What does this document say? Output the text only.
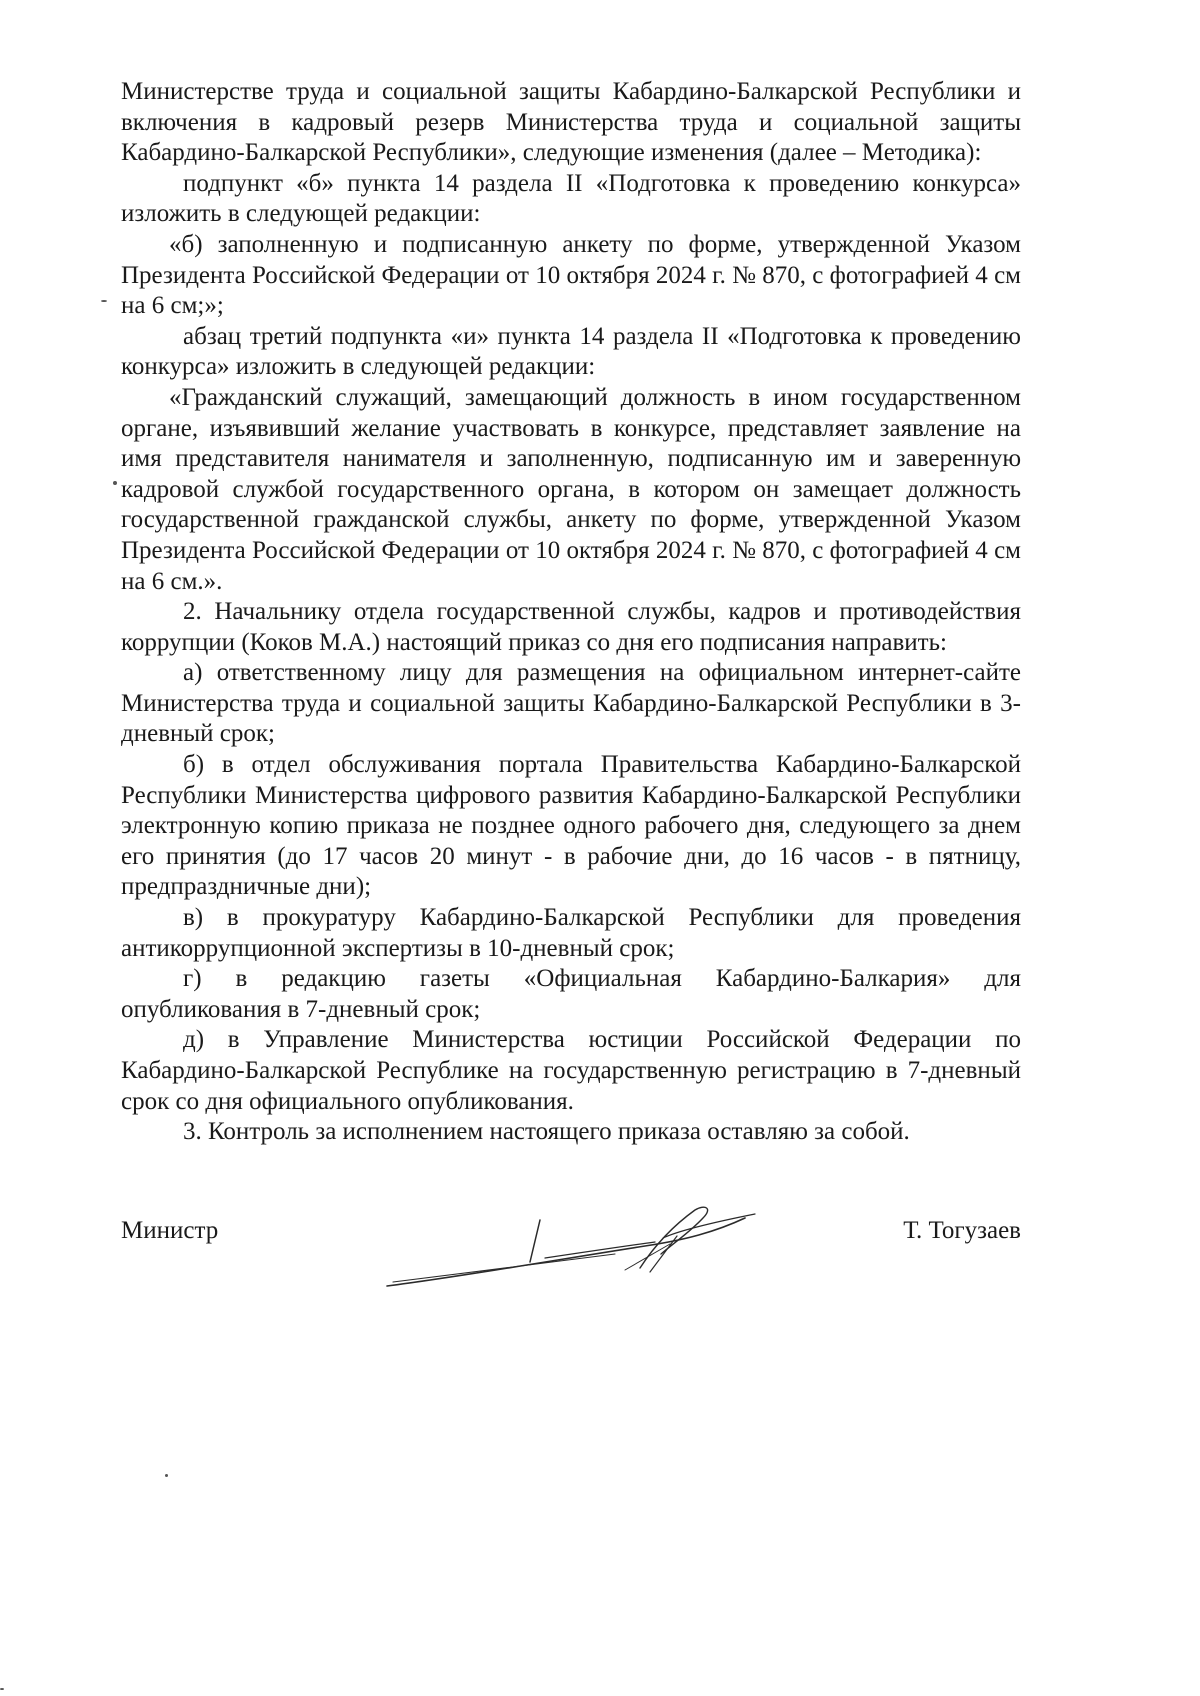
Министерстве труда и социальной защиты Кабардино-Балкарской Республики и включения в кадровый резерв Министерства труда и социальной защиты Кабардино-Балкарской Республики», следующие изменения (далее – Методика):

подпункт «б» пункта 14 раздела II «Подготовка к проведению конкурса» изложить в следующей редакции:

«б) заполненную и подписанную анкету по форме, утвержденной Указом Президента Российской Федерации от 10 октября 2024 г. № 870, с фотографией 4 см на 6 см;»;

абзац третий подпункта «и» пункта 14 раздела II «Подготовка к проведению конкурса» изложить в следующей редакции:

«Гражданский служащий, замещающий должность в ином государственном органе, изъявивший желание участвовать в конкурсе, представляет заявление на имя представителя нанимателя и заполненную, подписанную им и заверенную кадровой службой государственного органа, в котором он замещает должность государственной гражданской службы, анкету по форме, утвержденной Указом Президента Российской Федерации от 10 октября 2024 г. № 870, с фотографией 4 см на 6 см.».

2. Начальнику отдела государственной службы, кадров и противодействия коррупции (Коков М.А.) настоящий приказ со дня его подписания направить:

а) ответственному лицу для размещения на официальном интернет-сайте Министерства труда и социальной защиты Кабардино-Балкарской Республики в 3-дневный срок;

б) в отдел обслуживания портала Правительства Кабардино-Балкарской Республики Министерства цифрового развития Кабардино-Балкарской Республики электронную копию приказа не позднее одного рабочего дня, следующего за днем его принятия (до 17 часов 20 минут - в рабочие дни, до 16 часов - в пятницу, предпраздничные дни);

в) в прокуратуру Кабардино-Балкарской Республики для проведения антикоррупционной экспертизы в 10-дневный срок;

г) в редакцию газеты «Официальная Кабардино-Балкария» для опубликования в 7-дневный срок;

д) в Управление Министерства юстиции Российской Федерации по Кабардино-Балкарской Республике на государственную регистрацию в 7-дневный срок со дня официального опубликования.

3. Контроль за исполнением настоящего приказа оставляю за собой.

Министр	Т. Тогузаев
